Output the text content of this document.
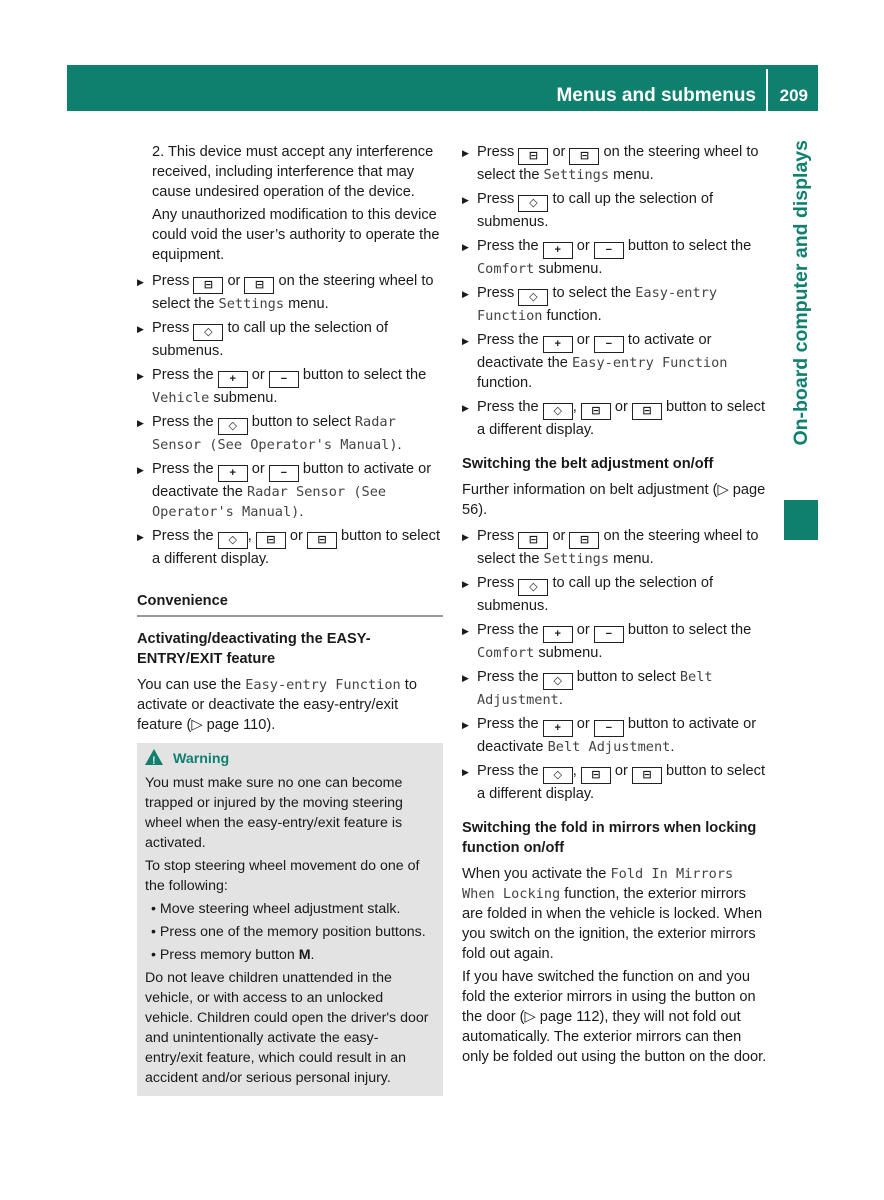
Menus and submenus 209
On-board computer and displays

2. This device must accept any interference received, including interference that may cause undesired operation of the device.

Any unauthorized modification to this device could void the user’s authority to operate the equipment.

▶ Press ⊟ or ⊟ on the steering wheel to select the Settings menu.
▶ Press ◇ to call up the selection of submenus.
▶ Press the + or − button to select the Vehicle submenu.
▶ Press the ◇ button to select Radar Sensor (See Operator's Manual).
▶ Press the + or − button to activate or deactivate the Radar Sensor (See Operator's Manual).
▶ Press the ◇ , ⊟ or ⊟ button to select a different display.
Convenience
Activating/deactivating the EASY-ENTRY/EXIT feature

You can use the Easy-entry Function to activate or deactivate the easy-entry/exit feature (▷ page 110).

! Warning

You must make sure no one can become trapped or injured by the moving steering wheel when the easy-entry/exit feature is activated.

To stop steering wheel movement do one of the following:

• Move steering wheel adjustment stalk.

• Press one of the memory position buttons.

• Press memory button M.

Do not leave children unattended in the vehicle, or with access to an unlocked vehicle. Children could open the driver's door and unintentionally activate the easy-entry/exit feature, which could result in an accident and/or serious personal injury.

▶ Press ⊟ or ⊟ on the steering wheel to select the Settings menu.
▶ Press ◇ to call up the selection of submenus.
▶ Press the + or − button to select the Comfort submenu.
▶ Press ◇ to select the Easy-entry Function function.
▶ Press the + or − to activate or deactivate the Easy-entry Function function.
▶ Press the ◇ , ⊟ or ⊟ button to select a different display.
Switching the belt adjustment on/off

Further information on belt adjustment (▷ page 56).

▶ Press ⊟ or ⊟ on the steering wheel to select the Settings menu.
▶ Press ◇ to call up the selection of submenus.
▶ Press the + or − button to select the Comfort submenu.
▶ Press the ◇ button to select Belt Adjustment.
▶ Press the + or − button to activate or deactivate Belt Adjustment.
▶ Press the ◇ , ⊟ or ⊟ button to select a different display.
Switching the fold in mirrors when locking function on/off

When you activate the Fold In Mirrors When Locking function, the exterior mirrors are folded in when the vehicle is locked. When you switch on the ignition, the exterior mirrors fold out again.

If you have switched the function on and you fold the exterior mirrors in using the button on the door (▷ page 112), they will not fold out automatically. The exterior mirrors can then only be folded out using the button on the door.
